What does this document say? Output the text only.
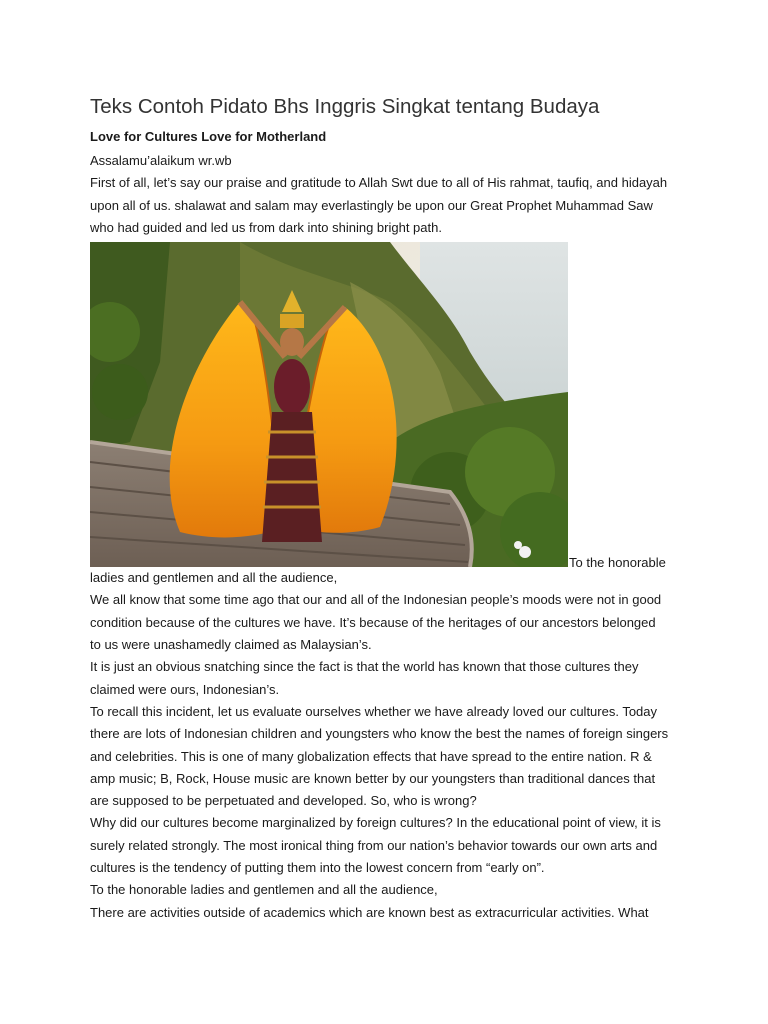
Teks Contoh Pidato Bhs Inggris Singkat tentang Budaya
Love for Cultures Love for Motherland

Assalamu’alaikum wr.wb

First of all, let’s say our praise and gratitude to Allah Swt due to all of His rahmat, taufiq, and hidayah

upon all of us. shalawat and salam may everlastingly be upon our Great Prophet Muhammad Saw

who had guided and led us from dark into shining bright path.

To the honorable

ladies and gentlemen and all the audience,

We all know that some time ago that our and all of the Indonesian people’s moods were not in good

condition because of the cultures we have. It’s because of the heritages of our ancestors belonged

to us were unashamedly claimed as Malaysian’s.

It is just an obvious snatching since the fact is that the world has known that those cultures they

claimed were ours, Indonesian’s.

To recall this incident, let us evaluate ourselves whether we have already loved our cultures. Today

there are lots of Indonesian children and youngsters who know the best the names of foreign singers

and celebrities. This is one of many globalization effects that have spread to the entire nation. R &

amp music; B, Rock, House music are known better by our youngsters than traditional dances that

are supposed to be perpetuated and developed. So, who is wrong?

Why did our cultures become marginalized by foreign cultures? In the educational point of view, it is

surely related strongly. The most ironical thing from our nation’s behavior towards our own arts and

cultures is the tendency of putting them into the lowest concern from “early on”.

To the honorable ladies and gentlemen and all the audience,

There are activities outside of academics which are known best as extracurricular activities. What
